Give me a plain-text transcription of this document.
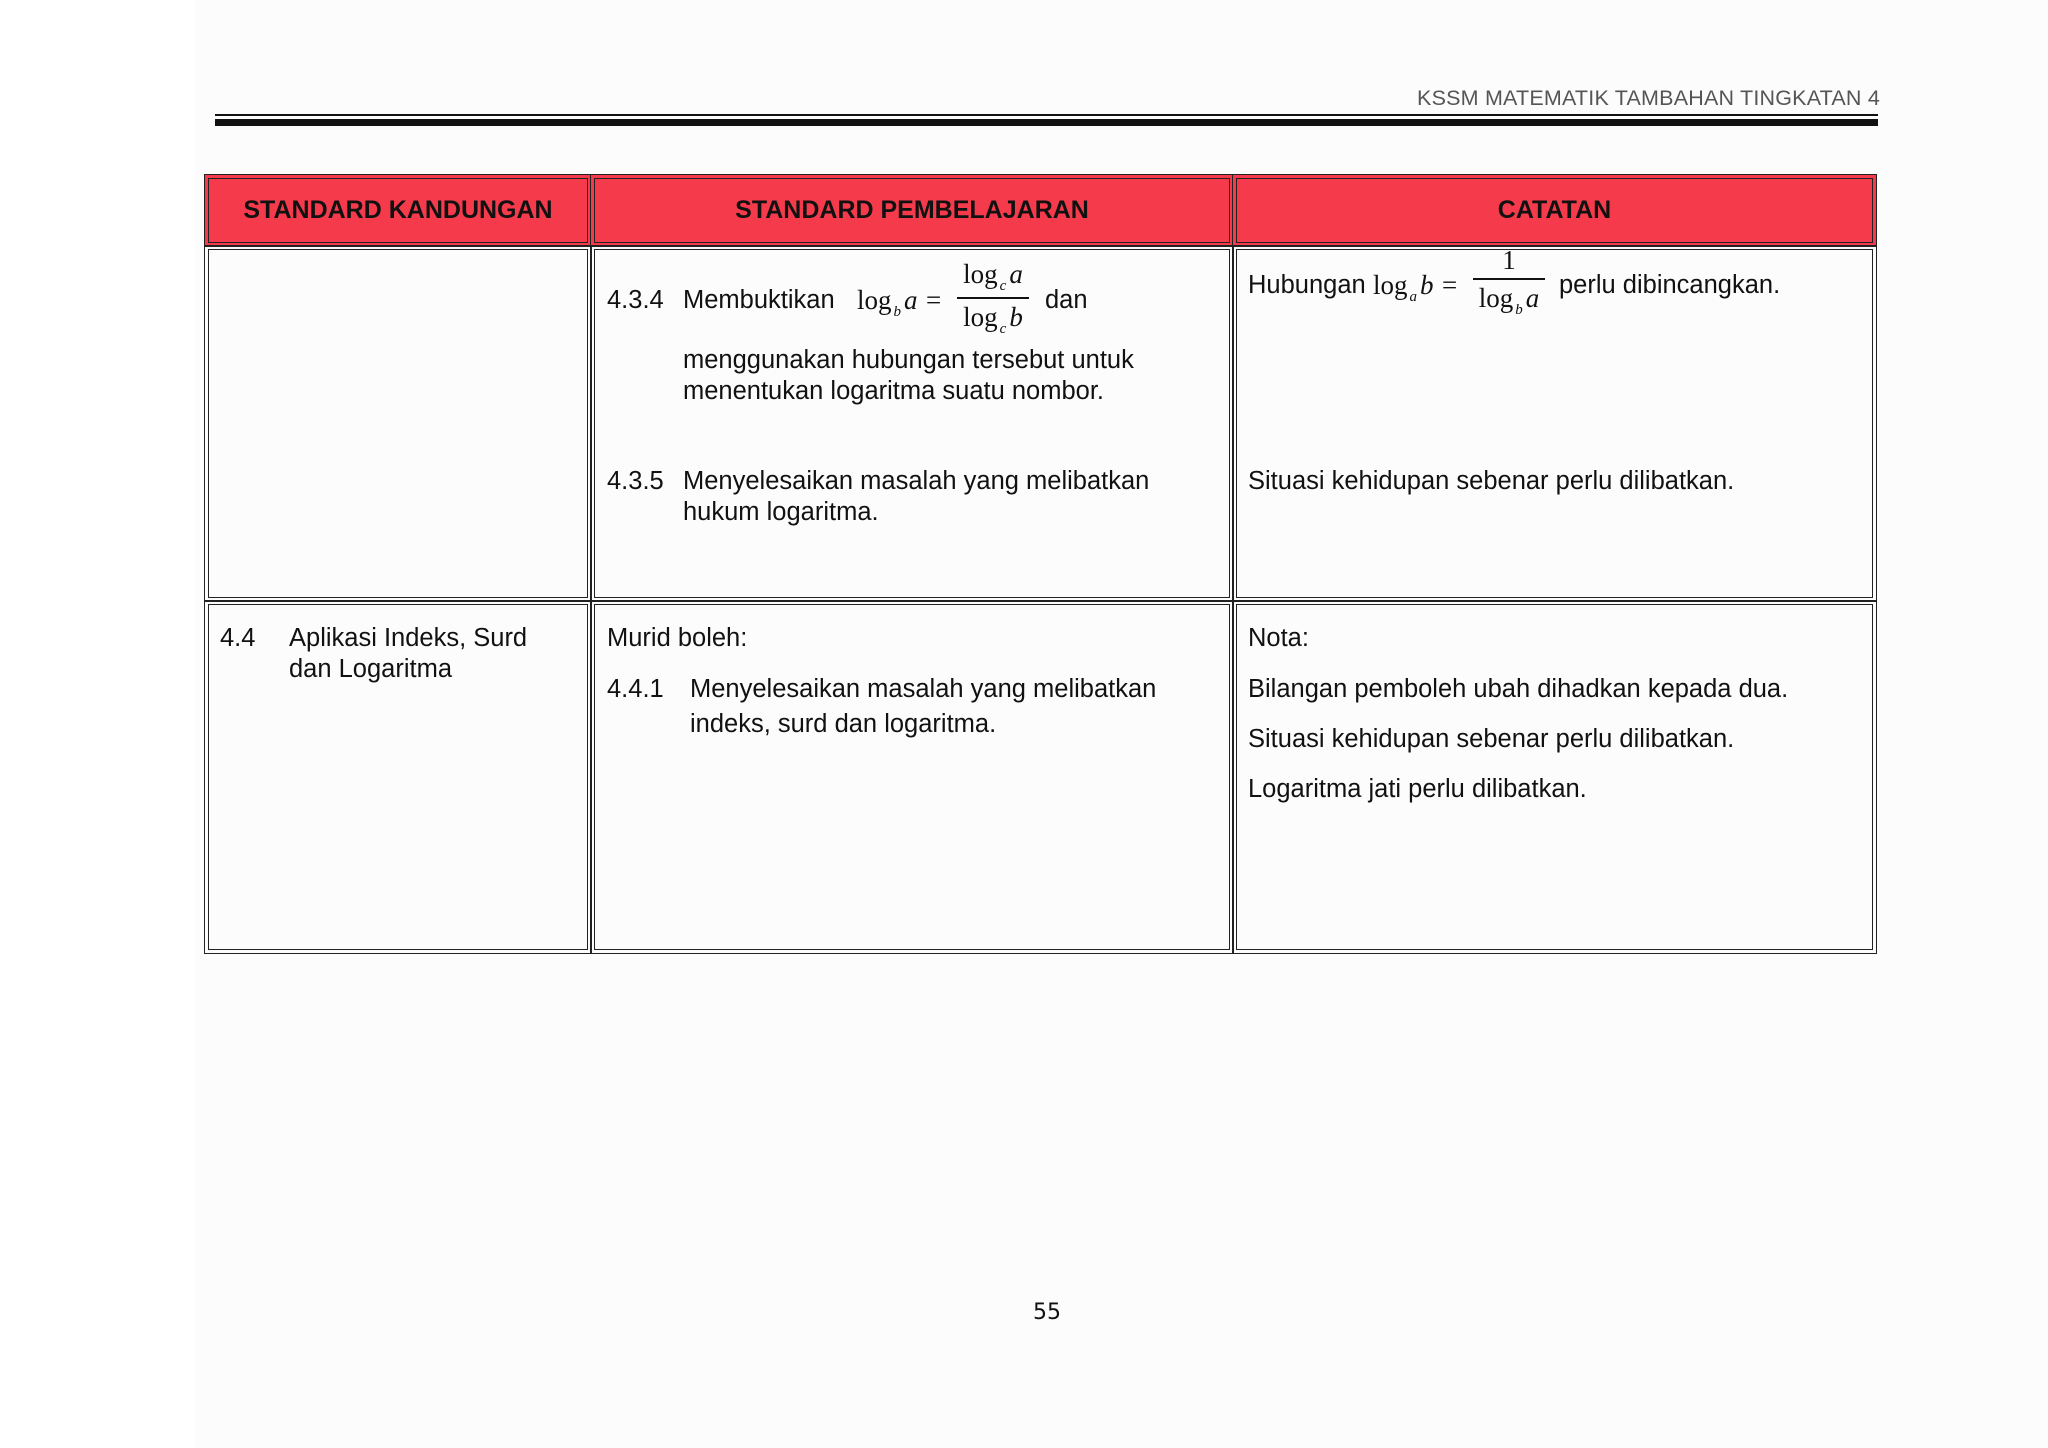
KSSM MATEMATIK TAMBAHAN TINGKATAN 4
STANDARD KANDUNGAN	STANDARD PEMBELAJARAN	CATATAN
4.3.4 Membuktikan log $_b$ a =
log $_c$ a
log $_c$ b
dan
menggunakan hubungan tersebut untuk
menentukan logaritma suatu nombor.
4.3.5 Menyelesaikan masalah yang melibatkan
hukum logaritma.
Hubungan log $_a$ b =
1
log $_b$ a perlu dibincangkan.
Situasi kehidupan sebenar perlu dilibatkan.
4.4 Aplikasi Indeks, Surd
dan Logaritma
Murid boleh:
4.4.1 Menyelesaikan masalah yang melibatkan
indeks, surd dan logaritma.
Nota:
Bilangan pemboleh ubah dihadkan kepada dua.
Situasi kehidupan sebenar perlu dilibatkan.
Logaritma jati perlu dilibatkan.
55
